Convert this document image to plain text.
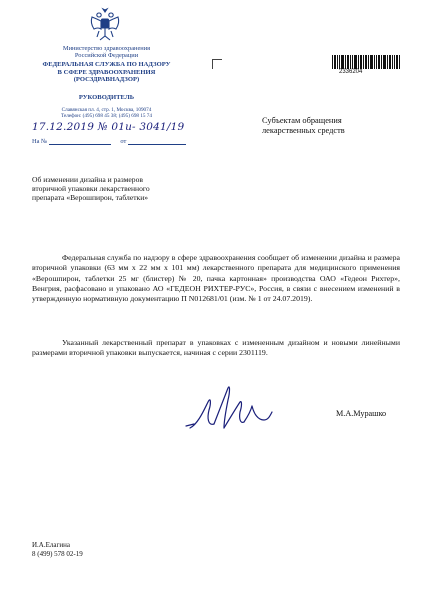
Министерство здравоохранения
Российской Федерации
ФЕДЕРАЛЬНАЯ СЛУЖБА ПО НАДЗОРУ
В СФЕРЕ ЗДРАВООХРАНЕНИЯ
(РОСЗДРАВНАДЗОР)
РУКОВОДИТЕЛЬ
Славянская пл. 4, стр. 1, Москва, 109074
Телефон: (495) 698 45 38; (495) 698 15 74
17.12.2019 № 01и- 3041/19
На №	от
2336204
Субъектам обращения
лекарственных средств
Об изменении дизайна и размеров
вторичной упаковки лекарственного
препарата «Верошпирон, таблетки»
Федеральная служба по надзору в сфере здравоохранения сообщает об изменении дизайна и размера вторичной упаковки (63 мм х 22 мм х 101 мм) лекарственного препарата для медицинского применения «Верошпирон, таблетки 25 мг (блистер) № 20, пачка картонная» производства ОАО «Гедеон Рихтер», Венгрия, расфасовано и упаковано АО «ГЕДЕОН РИХТЕР-РУС», Россия, в связи с внесением изменений в утвержденную нормативную документацию П N012681/01 (изм. № 1 от 24.07.2019).
Указанный лекарственный препарат в упаковках с измененным дизайном и новыми линейными размерами вторичной упаковки выпускается, начиная с серии 2301119.
М.А.Мурашко
И.А.Елагина
8 (499) 578 02-19
